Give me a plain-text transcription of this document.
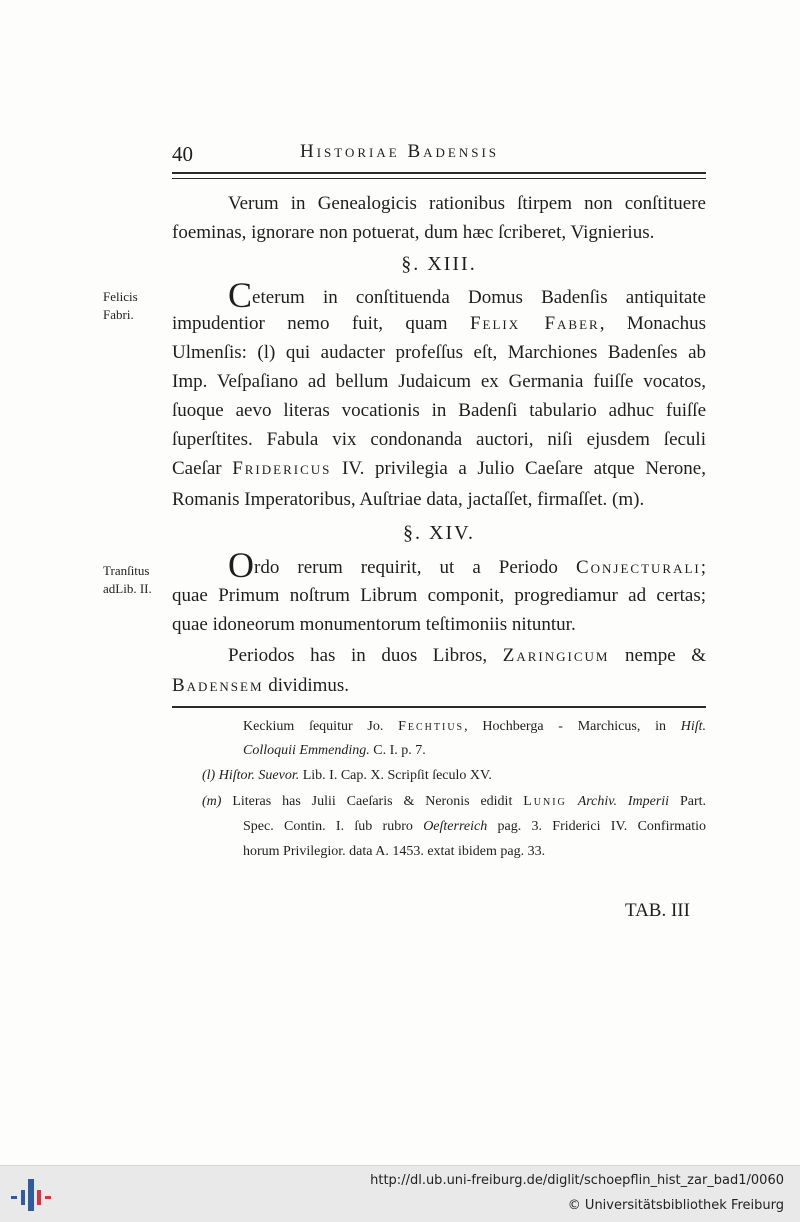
40	Historiae Badensis
Verum in Genealogicis rationibus ſtirpem non conſtituere
foeminas, ignorare non potuerat, dum hæc ſcriberet, Vignierius.
§. XIII.
Felicis
Fabri.	Ceterum in conſtituenda Domus Badenſis antiquitate
impudentior nemo fuit, quam Felix Faber, Monachus
Ulmenſis: (l) qui audacter profeſſus eſt, Marchiones Badenſes ab
Imp. Veſpaſiano ad bellum Judaicum ex Germania fuiſſe vocatos,
ſuoque aevo literas vocationis in Badenſi tabulario adhuc fuiſſe
ſuperſtites. Fabula vix condonanda auctori, niſi ejusdem ſeculi
Caeſar Fridericus IV. privilegia a Julio Caeſare atque Nerone,
Romanis Imperatoribus, Auſtriae data, jactaſſet, firmaſſet. (m).
§. XIV.
Tranſitus
adLib. II.
Ordo rerum requirit, ut a Periodo Conjecturali;
quae Primum noſtrum Librum componit, progrediamur ad certas;
quae idoneorum monumentorum teſtimoniis nituntur.
Periodos has in duos Libros, Zaringicum nempe &
Badensem dividimus.
Keckium ſequitur Jo. Fechtius, Hochberga - Marchicus, in Hiſt.
Colloquii Emmending. C. I. p. 7.
(l) Hiſtor. Suevor. Lib. I. Cap. X. Scripſit ſeculo XV.
(m) Literas has Julii Caeſaris & Neronis edidit Lunig Archiv. Imperii Part.
Spec. Contin. I. ſub rubro Oeſterreich pag. 3. Friderici IV. Confirmatio
horum Privilegior. data A. 1453. extat ibidem pag. 33.
TAB. III
http://dl.ub.uni-freiburg.de/diglit/schoepflin_hist_zar_bad1/0060
© Universitätsbibliothek Freiburg
